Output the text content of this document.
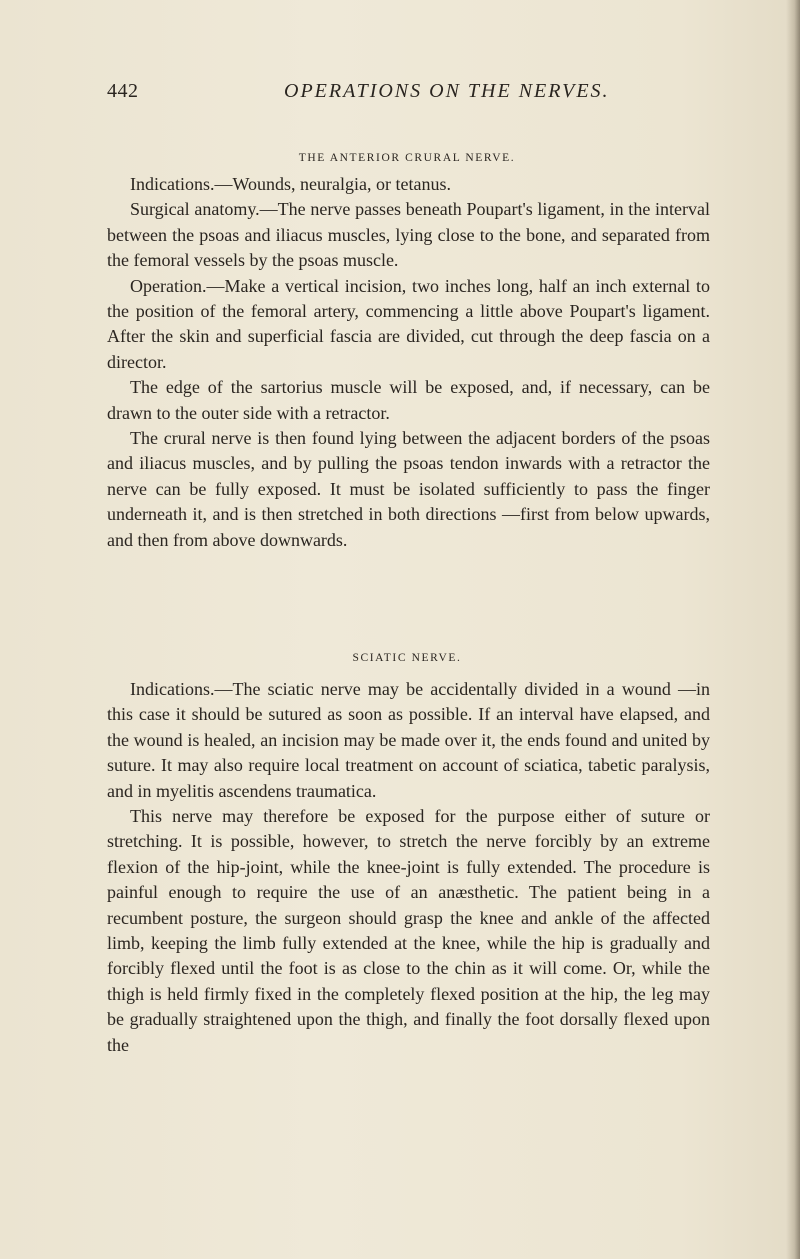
442	OPERATIONS ON THE NERVES.
THE ANTERIOR CRURAL NERVE.

Indications.—Wounds, neuralgia, or tetanus.

Surgical anatomy.—The nerve passes beneath Poupart's ligament, in the interval between the psoas and iliacus muscles, lying close to the bone, and separated from the femoral vessels by the psoas muscle.

Operation.—Make a vertical incision, two inches long, half an inch external to the position of the femoral artery, commencing a little above Poupart's ligament. After the skin and superficial fascia are divided, cut through the deep fascia on a director.

The edge of the sartorius muscle will be exposed, and, if necessary, can be drawn to the outer side with a retractor.

The crural nerve is then found lying between the adjacent borders of the psoas and iliacus muscles, and by pulling the psoas tendon inwards with a retractor the nerve can be fully exposed. It must be isolated sufficiently to pass the finger underneath it, and is then stretched in both directions —first from below upwards, and then from above downwards.

SCIATIC NERVE.

Indications.—The sciatic nerve may be accidentally divided in a wound —in this case it should be sutured as soon as possible. If an interval have elapsed, and the wound is healed, an incision may be made over it, the ends found and united by suture. It may also require local treatment on account of sciatica, tabetic paralysis, and in myelitis ascendens traumatica.

This nerve may therefore be exposed for the purpose either of suture or stretching. It is possible, however, to stretch the nerve forcibly by an extreme flexion of the hip-joint, while the knee-joint is fully extended. The procedure is painful enough to require the use of an anæsthetic. The patient being in a recumbent posture, the surgeon should grasp the knee and ankle of the affected limb, keeping the limb fully extended at the knee, while the hip is gradually and forcibly flexed until the foot is as close to the chin as it will come. Or, while the thigh is held firmly fixed in the completely flexed position at the hip, the leg may be gradually straightened upon the thigh, and finally the foot dorsally flexed upon the
